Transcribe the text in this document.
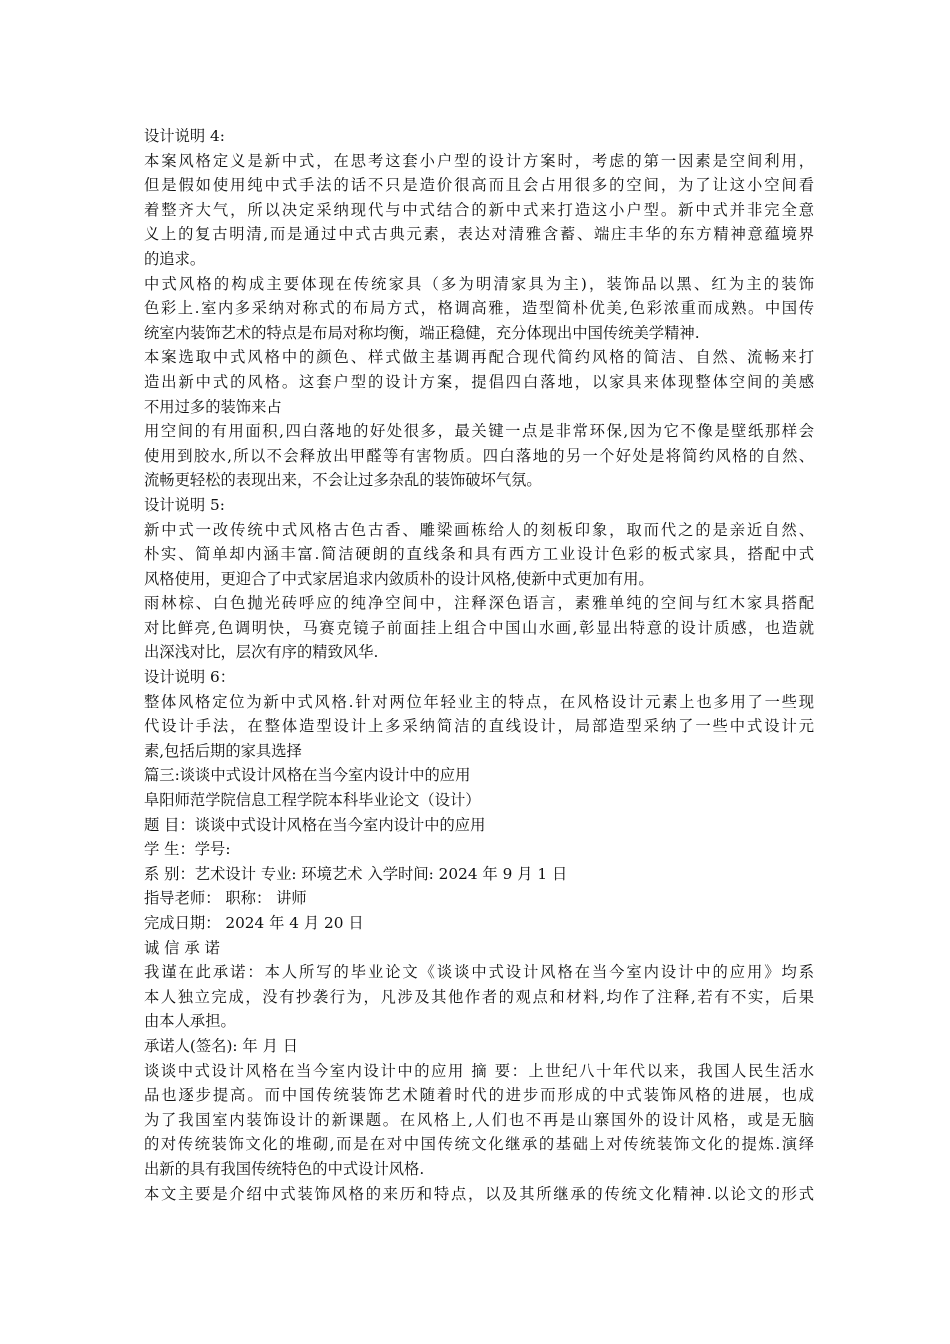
设计说明 4:
本案风格定义是新中式，在思考这套小户型的设计方案时，考虑的第一因素是空间利用，
但是假如使用纯中式手法的话不只是造价很高而且会占用很多的空间，为了让这小空间看
着整齐大气，所以决定采纳现代与中式结合的新中式来打造这小户型。新中式并非完全意
义上的复古明清,而是通过中式古典元素，表达对清雅含蓄、端庄丰华的东方精神意蕴境界
的追求。
中式风格的构成主要体现在传统家具（多为明清家具为主)，装饰品以黑、红为主的装饰
色彩上.室内多采纳对称式的布局方式，格调高雅，造型简朴优美,色彩浓重而成熟。中国传
统室内装饰艺术的特点是布局对称均衡，端正稳健，充分体现出中国传统美学精神.
本案选取中式风格中的颜色、样式做主基调再配合现代简约风格的简洁、自然、流畅来打
造出新中式的风格。这套户型的设计方案，提倡四白落地，以家具来体现整体空间的美感
不用过多的装饰来占
用空间的有用面积,四白落地的好处很多，最关键一点是非常环保,因为它不像是壁纸那样会
使用到胶水,所以不会释放出甲醛等有害物质。四白落地的另一个好处是将简约风格的自然、
流畅更轻松的表现出来，不会让过多杂乱的装饰破坏气氛。
设计说明 5:
新中式一改传统中式风格古色古香、雕梁画栋给人的刻板印象，取而代之的是亲近自然、
朴实、简单却内涵丰富.简洁硬朗的直线条和具有西方工业设计色彩的板式家具，搭配中式
风格使用，更迎合了中式家居追求内敛质朴的设计风格,使新中式更加有用。
雨林棕、白色抛光砖呼应的纯净空间中，注释深色语言，素雅单纯的空间与红木家具搭配
对比鲜亮,色调明快，马赛克镜子前面挂上组合中国山水画,彰显出特意的设计质感，也造就
出深浅对比，层次有序的精致风华.
设计说明 6：
整体风格定位为新中式风格.针对两位年轻业主的特点，在风格设计元素上也多用了一些现
代设计手法，在整体造型设计上多采纳简洁的直线设计，局部造型采纳了一些中式设计元
素,包括后期的家具选择
篇三:谈谈中式设计风格在当今室内设计中的应用
阜阳师范学院信息工程学院本科毕业论文（设计）
题 目：谈谈中式设计风格在当今室内设计中的应用
学 生：学号:
系 别：艺术设计 专业: 环境艺术 入学时间: 2024 年 9 月 1 日
指导老师： 职称： 讲师
完成日期： 2024 年 4 月 20 日
诚 信 承 诺
我谨在此承诺：本人所写的毕业论文《谈谈中式设计风格在当今室内设计中的应用》均系
本人独立完成，没有抄袭行为，凡涉及其他作者的观点和材料,均作了注释,若有不实，后果
由本人承担。
承诺人(签名): 年 月 日
谈谈中式设计风格在当今室内设计中的应用 摘 要：上世纪八十年代以来，我国人民生活水
品也逐步提高。而中国传统装饰艺术随着时代的进步而形成的中式装饰风格的进展，也成
为了我国室内装饰设计的新课题。在风格上,人们也不再是山寨国外的设计风格，或是无脑
的对传统装饰文化的堆砌,而是在对中国传统文化继承的基础上对传统装饰文化的提炼.演绎
出新的具有我国传统特色的中式设计风格.
本文主要是介绍中式装饰风格的来历和特点，以及其所继承的传统文化精神.以论文的形式
